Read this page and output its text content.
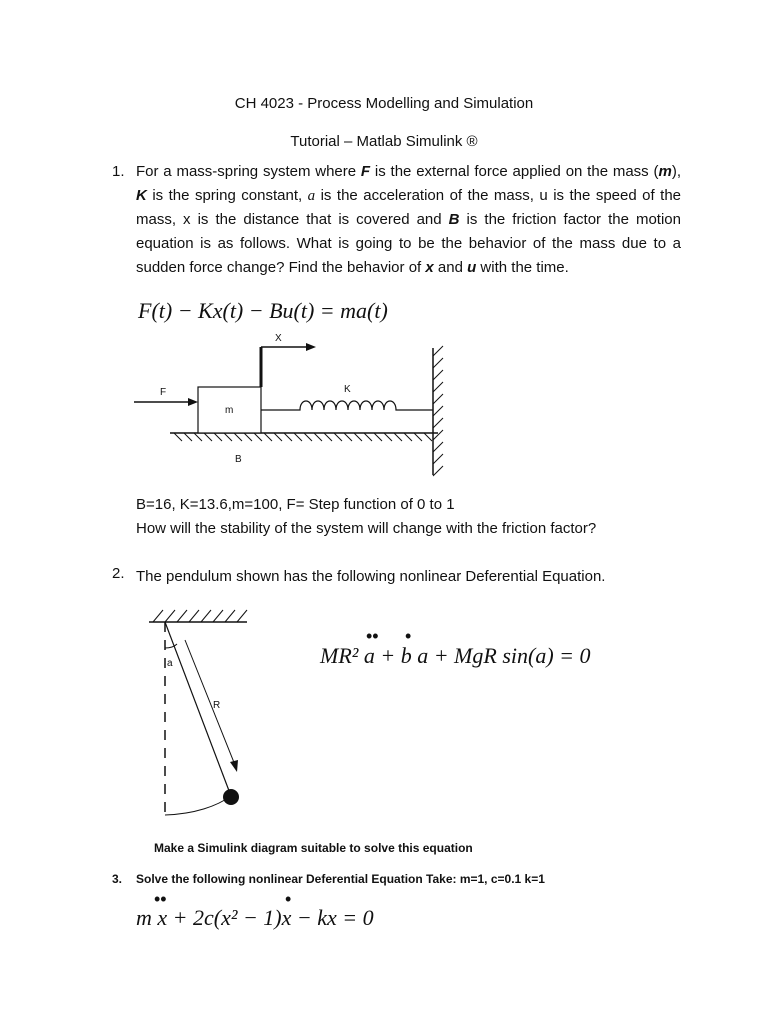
CH 4023 - Process Modelling and Simulation
Tutorial – Matlab Simulink ®
1. For a mass-spring system where F is the external force applied on the mass (m), K is the spring constant, a is the acceleration of the mass, u is the speed of the mass, x is the distance that is covered and B is the friction factor the motion equation is as follows. What is going to be the behavior of the mass due to a sudden force change? Find the behavior of x and u with the time.
F(t) − Kx(t) − Bu(t) = ma(t)
m
F
X
K
B
B=16, K=13.6,m=100, F= Step function of 0 to 1
How will the stability of the system will change with the friction factor?
2. The pendulum shown has the following nonlinear Deferential Equation.
a
R
MR² a + b a + MgR sin(a) = 0
•• •
Make a Simulink diagram suitable to solve this equation
3. Solve the following nonlinear Deferential Equation Take: m=1, c=0.1 k=1
m x + 2c(x² − 1)x − kx = 0
••	•
